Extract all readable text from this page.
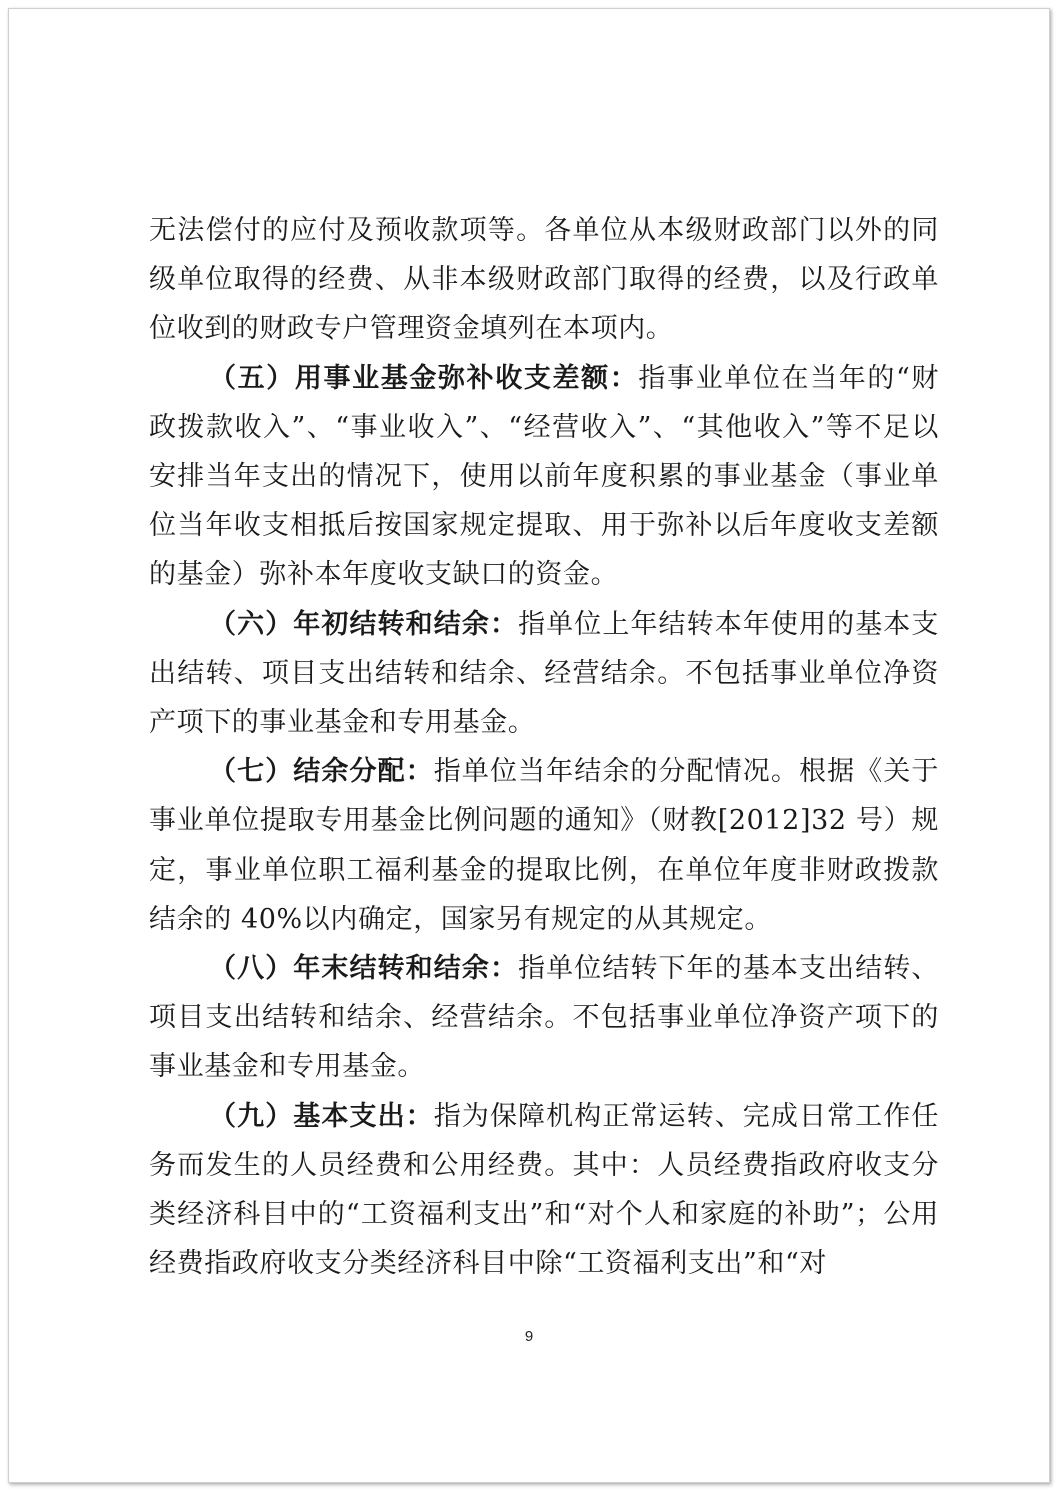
无法偿付的应付及预收款项等。各单位从本级财政部门以外的同级单位取得的经费、从非本级财政部门取得的经费，以及行政单位收到的财政专户管理资金填列在本项内。

（五）用事业基金弥补收支差额：指事业单位在当年的“财政拨款收入”、“事业收入”、“经营收入”、“其他收入”等不足以安排当年支出的情况下，使用以前年度积累的事业基金（事业单位当年收支相抵后按国家规定提取、用于弥补以后年度收支差额的基金）弥补本年度收支缺口的资金。

（六）年初结转和结余：指单位上年结转本年使用的基本支出结转、项目支出结转和结余、经营结余。不包括事业单位净资产项下的事业基金和专用基金。

（七）结余分配：指单位当年结余的分配情况。根据《关于事业单位提取专用基金比例问题的通知》（财教[2012]32 号）规定，事业单位职工福利基金的提取比例，在单位年度非财政拨款结余的 40%以内确定，国家另有规定的从其规定。

（八）年末结转和结余：指单位结转下年的基本支出结转、项目支出结转和结余、经营结余。不包括事业单位净资产项下的事业基金和专用基金。

（九）基本支出：指为保障机构正常运转、完成日常工作任务而发生的人员经费和公用经费。其中：人员经费指政府收支分类经济科目中的“工资福利支出”和“对个人和家庭的补助”；公用经费指政府收支分类经济科目中除“工资福利支出”和“对

9
